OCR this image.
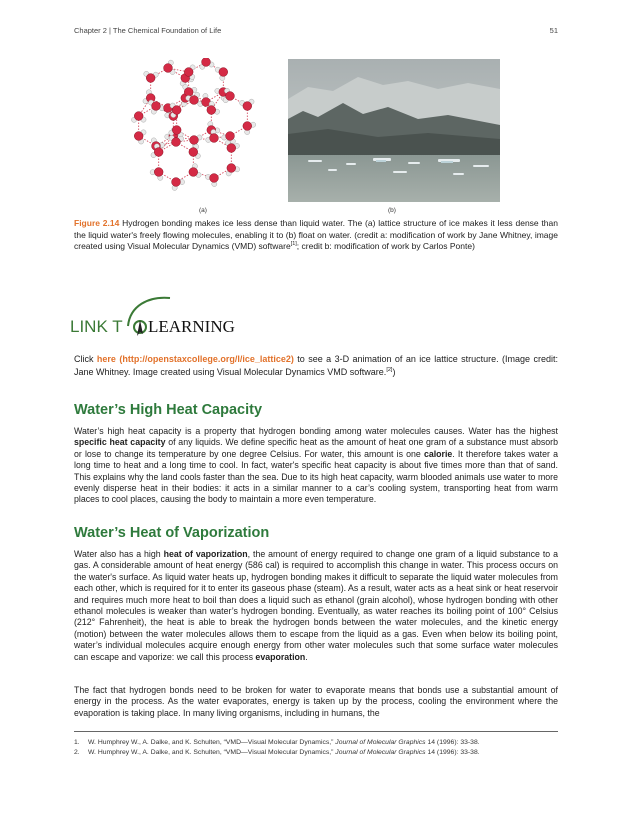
Chapter 2 | The Chemical Foundation of Life	51
(a)	(b)
Figure 2.14 Hydrogen bonding makes ice less dense than liquid water. The (a) lattice structure of ice makes it less dense than the liquid water's freely flowing molecules, enabling it to (b) float on water. (credit a: modification of work by Jane Whitney, image created using Visual Molecular Dynamics (VMD) software[1]; credit b: modification of work by Carlos Ponte)
LINK T LEARNING
Click here (http://openstaxcollege.org/l/ice_lattice2) to see a 3-D animation of an ice lattice structure. (Image credit: Jane Whitney. Image created using Visual Molecular Dynamics VMD software.[2])
Water’s High Heat Capacity

Water’s high heat capacity is a property that hydrogen bonding among water molecules causes. Water has the highest specific heat capacity of any liquids. We define specific heat as the amount of heat one gram of a substance must absorb or lose to change its temperature by one degree Celsius. For water, this amount is one calorie. It therefore takes water a long time to heat and a long time to cool. In fact, water's specific heat capacity is about five times more than that of sand. This explains why the land cools faster than the sea. Due to its high heat capacity, warm blooded animals use water to more evenly disperse heat in their bodies: it acts in a similar manner to a car’s cooling system, transporting heat from warm places to cool places, causing the body to maintain a more even temperature.

Water’s Heat of Vaporization

Water also has a high heat of vaporization, the amount of energy required to change one gram of a liquid substance to a gas. A considerable amount of heat energy (586 cal) is required to accomplish this change in water. This process occurs on the water's surface. As liquid water heats up, hydrogen bonding makes it difficult to separate the liquid water molecules from each other, which is required for it to enter its gaseous phase (steam). As a result, water acts as a heat sink or heat reservoir and requires much more heat to boil than does a liquid such as ethanol (grain alcohol), whose hydrogen bonding with other ethanol molecules is weaker than water’s hydrogen bonding. Eventually, as water reaches its boiling point of 100° Celsius (212° Fahrenheit), the heat is able to break the hydrogen bonds between the water molecules, and the kinetic energy (motion) between the water molecules allows them to escape from the liquid as a gas. Even when below its boiling point, water’s individual molecules acquire enough energy from other water molecules such that some surface water molecules can escape and vaporize: we call this process evaporation.

The fact that hydrogen bonds need to be broken for water to evaporate means that bonds use a substantial amount of energy in the process. As the water evaporates, energy is taken up by the process, cooling the environment where the evaporation is taking place. In many living organisms, including in humans, the

1.	W. Humphrey W., A. Dalke, and K. Schulten, “VMD—Visual Molecular Dynamics,” Journal of Molecular Graphics 14 (1996): 33-38.
2.	W. Humphrey W., A. Dalke, and K. Schulten, “VMD—Visual Molecular Dynamics,” Journal of Molecular Graphics 14 (1996): 33-38.
